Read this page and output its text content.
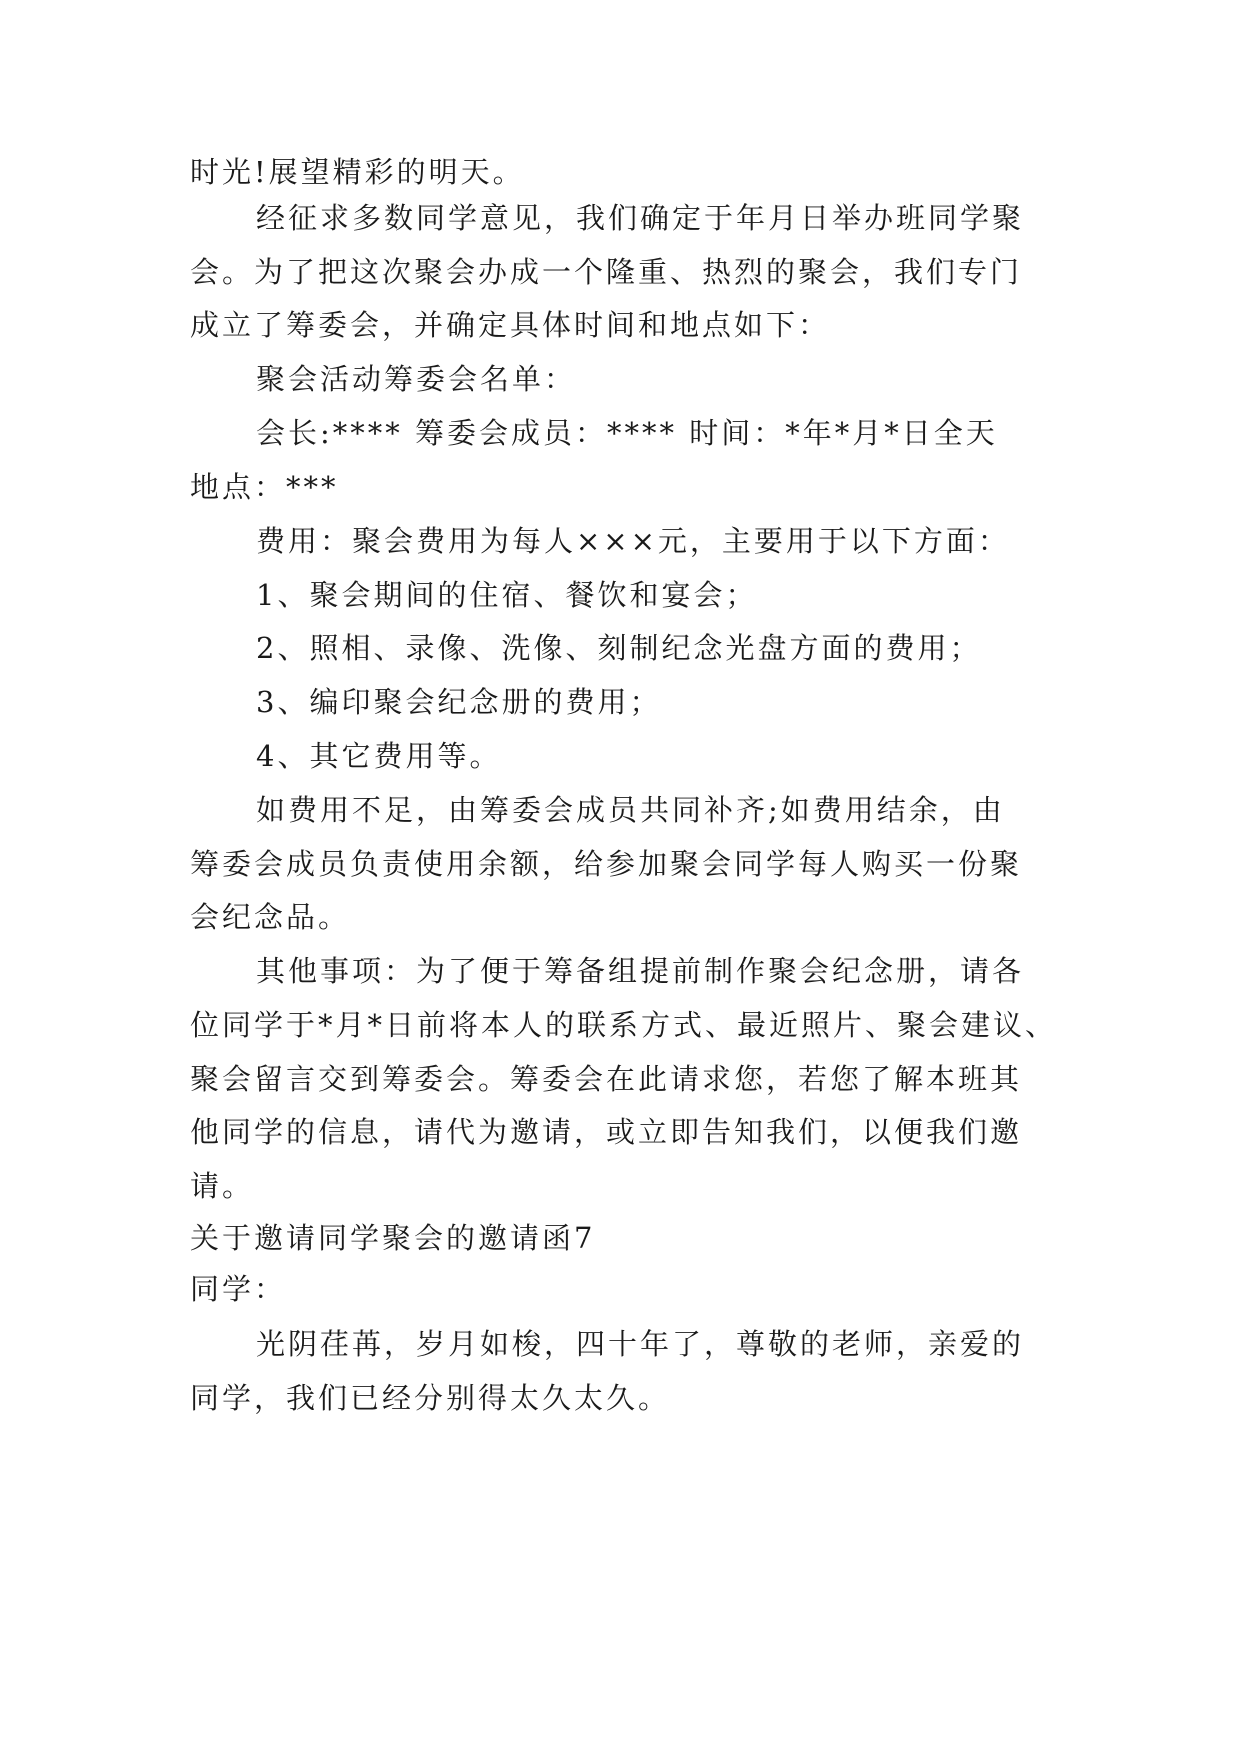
时光!展望精彩的明天。
经征求多数同学意见，我们确定于年月日举办班同学聚
会。为了把这次聚会办成一个隆重、热烈的聚会，我们专门
成立了筹委会，并确定具体时间和地点如下：
聚会活动筹委会名单：
会长:**** 筹委会成员：**** 时间：*年*月*日全天
地点：***
费用：聚会费用为每人×××元，主要用于以下方面：
1、聚会期间的住宿、餐饮和宴会；
2、照相、录像、洗像、刻制纪念光盘方面的费用；
3、编印聚会纪念册的费用；
4、其它费用等。
如费用不足，由筹委会成员共同补齐;如费用结余，由
筹委会成员负责使用余额，给参加聚会同学每人购买一份聚
会纪念品。
其他事项：为了便于筹备组提前制作聚会纪念册，请各
位同学于*月*日前将本人的联系方式、最近照片、聚会建议、
聚会留言交到筹委会。筹委会在此请求您，若您了解本班其
他同学的信息，请代为邀请，或立即告知我们，以便我们邀
请。
关于邀请同学聚会的邀请函7
同学：
光阴荏苒，岁月如梭，四十年了，尊敬的老师，亲爱的
同学，我们已经分别得太久太久。
